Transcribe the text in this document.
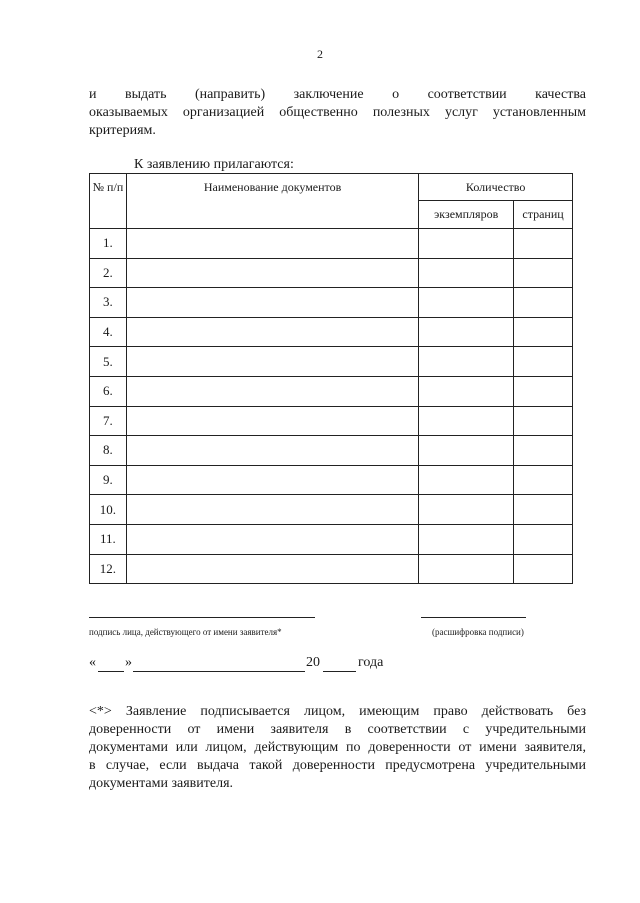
2
и выдать (направить) заключение о соответствии качества
оказываемых организацией общественно полезных услуг установленным
критериям.
К заявлению прилагаются:
№ п/п	Наименование документов	Количество	
		экземпляров	страниц
1.			
2.			
3.			
4.			
5.			
6.			
7.			
8.			
9.			
10.			
11.			
12.			
подпись лица, действующего от имени заявителя*	(расшифровка подписи)
« »	20	года
<*> Заявление подписывается лицом, имеющим право действовать без
доверенности от имени заявителя в соответствии с учредительными
документами или лицом, действующим по доверенности от имени заявителя,
в случае, если выдача такой доверенности предусмотрена учредительными
документами заявителя.
